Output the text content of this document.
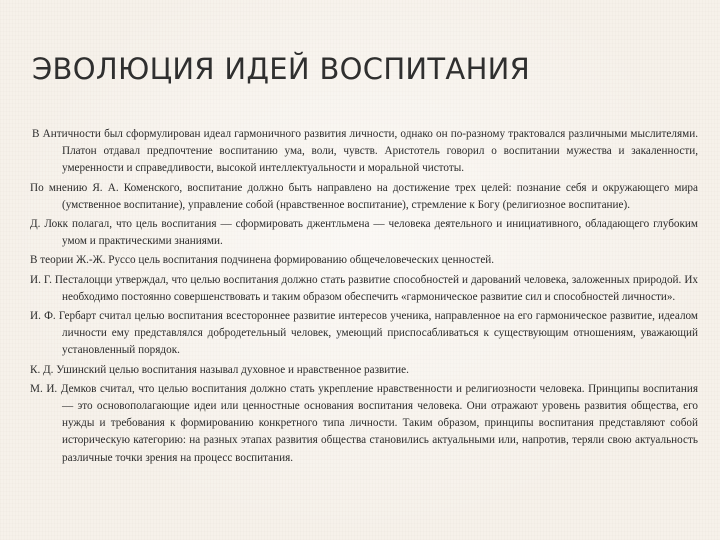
ЭВОЛЮЦИЯ ИДЕЙ ВОСПИТАНИЯ

В Античности был сформулирован идеал гармоничного развития личности, однако он по-разному трактовался различными мыслителями. Платон отдавал предпочтение воспитанию ума, воли, чувств. Аристотель говорил о воспитании мужества и закаленности, умеренности и справедливости, высокой интеллектуальности и моральной чистоты.

По мнению Я. А. Коменского, воспитание должно быть направлено на достижение трех целей: познание себя и окружающего мира (умственное воспитание), управление собой (нравственное воспитание), стремление к Богу (религиозное воспитание).

Д. Локк полагал, что цель воспитания — сформировать джентльмена — человека деятельного и инициативного, обладающего глубоким умом и практическими знаниями.

В теории Ж.-Ж. Руссо цель воспитания подчинена формированию общечеловеческих ценностей.

И. Г. Песталоцци утверждал, что целью воспитания должно стать развитие способностей и дарований человека, заложенных природой. Их необходимо постоянно совершенствовать и таким образом обеспечить «гармоническое развитие сил и способностей личности».

И. Ф. Гербарт считал целью воспитания всестороннее развитие интересов ученика, направленное на его гармоническое развитие, идеалом личности ему представлялся добродетельный человек, умеющий приспосабливаться к существующим отношениям, уважающий установленный порядок.

К. Д. Ушинский целью воспитания называл духовное и нравственное развитие.

М. И. Демков считал, что целью воспитания должно стать укрепление нравственности и религиозности человека. Принципы воспитания — это основополагающие идеи или ценностные основания воспитания человека. Они отражают уровень развития общества, его нужды и требования к формированию конкретного типа личности. Таким образом, принципы воспитания представляют собой историческую категорию: на разных этапах развития общества становились актуальными или, напротив, теряли свою актуальность различные точки зрения на процесс воспитания.
